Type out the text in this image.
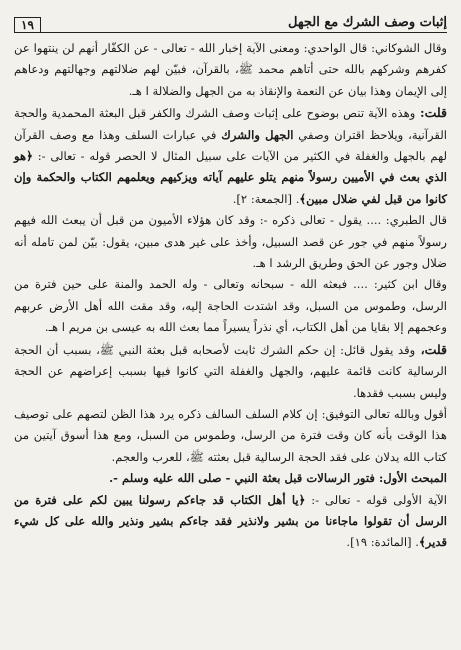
١٩	إثبات وصف الشرك مع الجهل

وقال الشوكاني: قال الواحدي: ومعنى الآية إخبار الله - تعالى - عن الكفّار أنهم لن ينتهوا عن كفرهم وشركهم بالله حتى أتاهم محمد ﷺ، بالقرآن، فبيّن لهم ضلالتهم وجهالتهم ودعاهم إلى الإيمان وهذا بيان عن النعمة والإنقاذ به من الجهل والضلالة ا هـ.

قلت: وهذه الآية تنص بوضوح على إثبات وصف الشرك والكفر قبل البعثة المحمدية والحجة القرآنية، ويلاحظ اقتران وصفي الجهل والشرك في عبارات السلف وهذا مع وصف القرآن لهم بالجهل والغفلة في الكثير من الآيات على سبيل المثال لا الحصر قوله - تعالى -: ﴿هو الذي بعث في الأميين رسولاً منهم يتلو عليهم آياته ويزكيهم ويعلمهم الكتاب والحكمة وإن كانوا من قبل لفي ضلال مبين﴾. [الجمعة: ٢].

قال الطبري: .... يقول - تعالى ذكره -: وقد كان هؤلاء الأميون من قبل أن يبعث الله فيهم رسولاً منهم في جور عن قصد السبيل، وأخذ على غير هدى مبين، يقول: بيّن لمن تامله أنه ضلال وجور عن الحق وطريق الرشد ا هـ.

وقال ابن كثير: .... فبعثه الله - سبحانه وتعالى - وله الحمد والمنة على حين فترة من الرسل، وطموس من السبل، وقد اشتدت الحاجة إليه، وقد مقت الله أهل الأرض عربهم وعجمهم إلا بقايا من أهل الكتاب، أي نذراً يسيراً مما بعث الله به عيسى بن مريم ا هـ.

قلت، وقد يقول قائل: إن حكم الشرك ثابت لأصحابه قبل بعثة النبي ﷺ، بسبب أن الحجة الرسالية كانت قائمة عليهم، والجهل والغفلة التي كانوا فيها بسبب إعراضهم عن الحجة وليس بسبب فقدها.

أقول وبالله تعالى التوفيق: إن كلام السلف السالف ذكره يرد هذا الظن لتصهم على توصيف هذا الوقت بأنه كان وقت فترة من الرسل، وطموس من السبل، ومع هذا أسوق آيتين من كتاب الله يدلان على فقد الحجة الرسالية قبل بعثته ﷺ، للعرب والعجم.

المبحث الأول: فتور الرسالات قبل بعثة النبي - صلى الله عليه وسلم -.

الآية الأولى قوله - تعالى -: ﴿يا أهل الكتاب قد جاءكم رسولنا يبين لكم على فترة من الرسل أن تقولوا ماجاءنا من بشير ولانذير فقد جاءكم بشير ونذير والله على كل شيء قدير﴾. [المائدة: ١٩].
